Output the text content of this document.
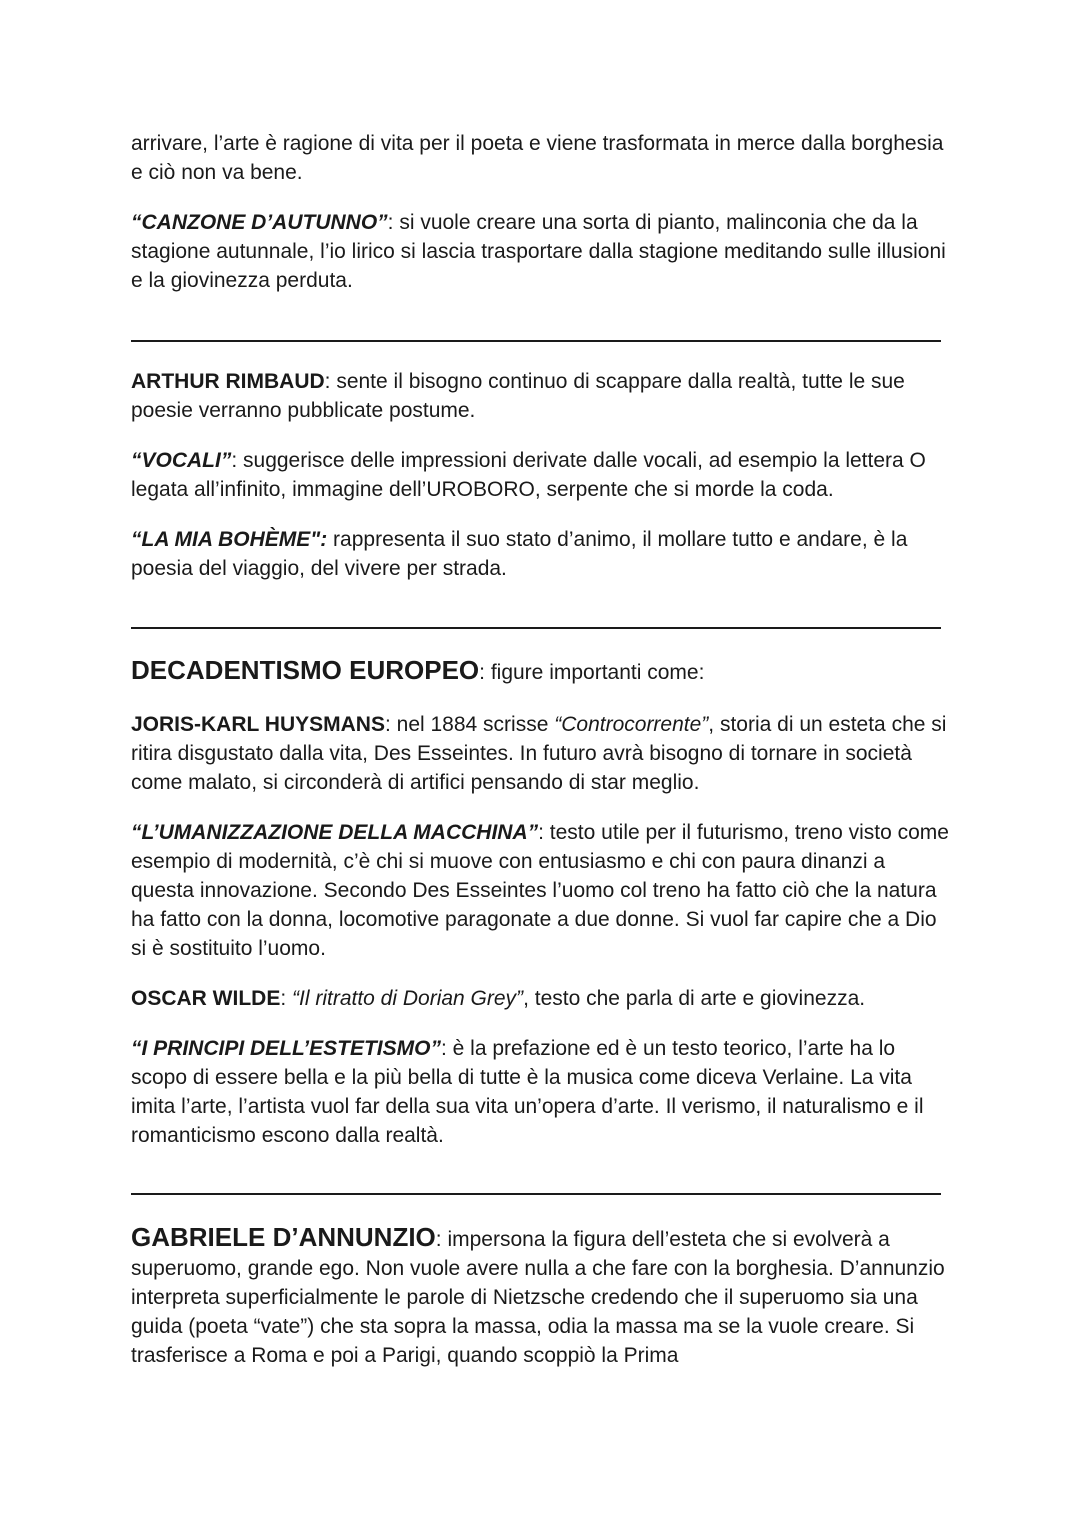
arrivare, l’arte è ragione di vita per il poeta e viene trasformata in merce dalla borghesia e ciò non va bene.

“CANZONE D’AUTUNNO”: si vuole creare una sorta di pianto, malinconia che da la stagione autunnale, l’io lirico si lascia trasportare dalla stagione meditando sulle illusioni e la giovinezza perduta.

ARTHUR RIMBAUD: sente il bisogno continuo di scappare dalla realtà, tutte le sue poesie verranno pubblicate postume.

“VOCALI”: suggerisce delle impressioni derivate dalle vocali, ad esempio la lettera O legata all’infinito, immagine dell’UROBORO, serpente che si morde la coda.

“LA MIA BOHÈME": rappresenta il suo stato d’animo, il mollare tutto e andare, è la poesia del viaggio, del vivere per strada.

DECADENTISMO EUROPEO: figure importanti come:

JORIS-KARL HUYSMANS: nel 1884 scrisse “Controcorrente”, storia di un esteta che si ritira disgustato dalla vita, Des Esseintes. In futuro avrà bisogno di tornare in società come malato, si circonderà di artifici pensando di star meglio.

“L’UMANIZZAZIONE DELLA MACCHINA”: testo utile per il futurismo, treno visto come esempio di modernità, c’è chi si muove con entusiasmo e chi con paura dinanzi a questa innovazione. Secondo Des Esseintes l’uomo col treno ha fatto ciò che la natura ha fatto con la donna, locomotive paragonate a due donne. Si vuol far capire che a Dio si è sostituito l’uomo.

OSCAR WILDE: “Il ritratto di Dorian Grey”, testo che parla di arte e giovinezza.

“I PRINCIPI DELL’ESTETISMO”: è la prefazione ed è un testo teorico, l’arte ha lo scopo di essere bella e la più bella di tutte è la musica come diceva Verlaine. La vita imita l’arte, l’artista vuol far della sua vita un’opera d’arte. Il verismo, il naturalismo e il romanticismo escono dalla realtà.

GABRIELE D’ANNUNZIO: impersona la figura dell’esteta che si evolverà a superuomo, grande ego. Non vuole avere nulla a che fare con la borghesia. D’annunzio interpreta superficialmente le parole di Nietzsche credendo che il superuomo sia una guida (poeta “vate”) che sta sopra la massa, odia la massa ma se la vuole creare. Si trasferisce a Roma e poi a Parigi, quando scoppiò la Prima
